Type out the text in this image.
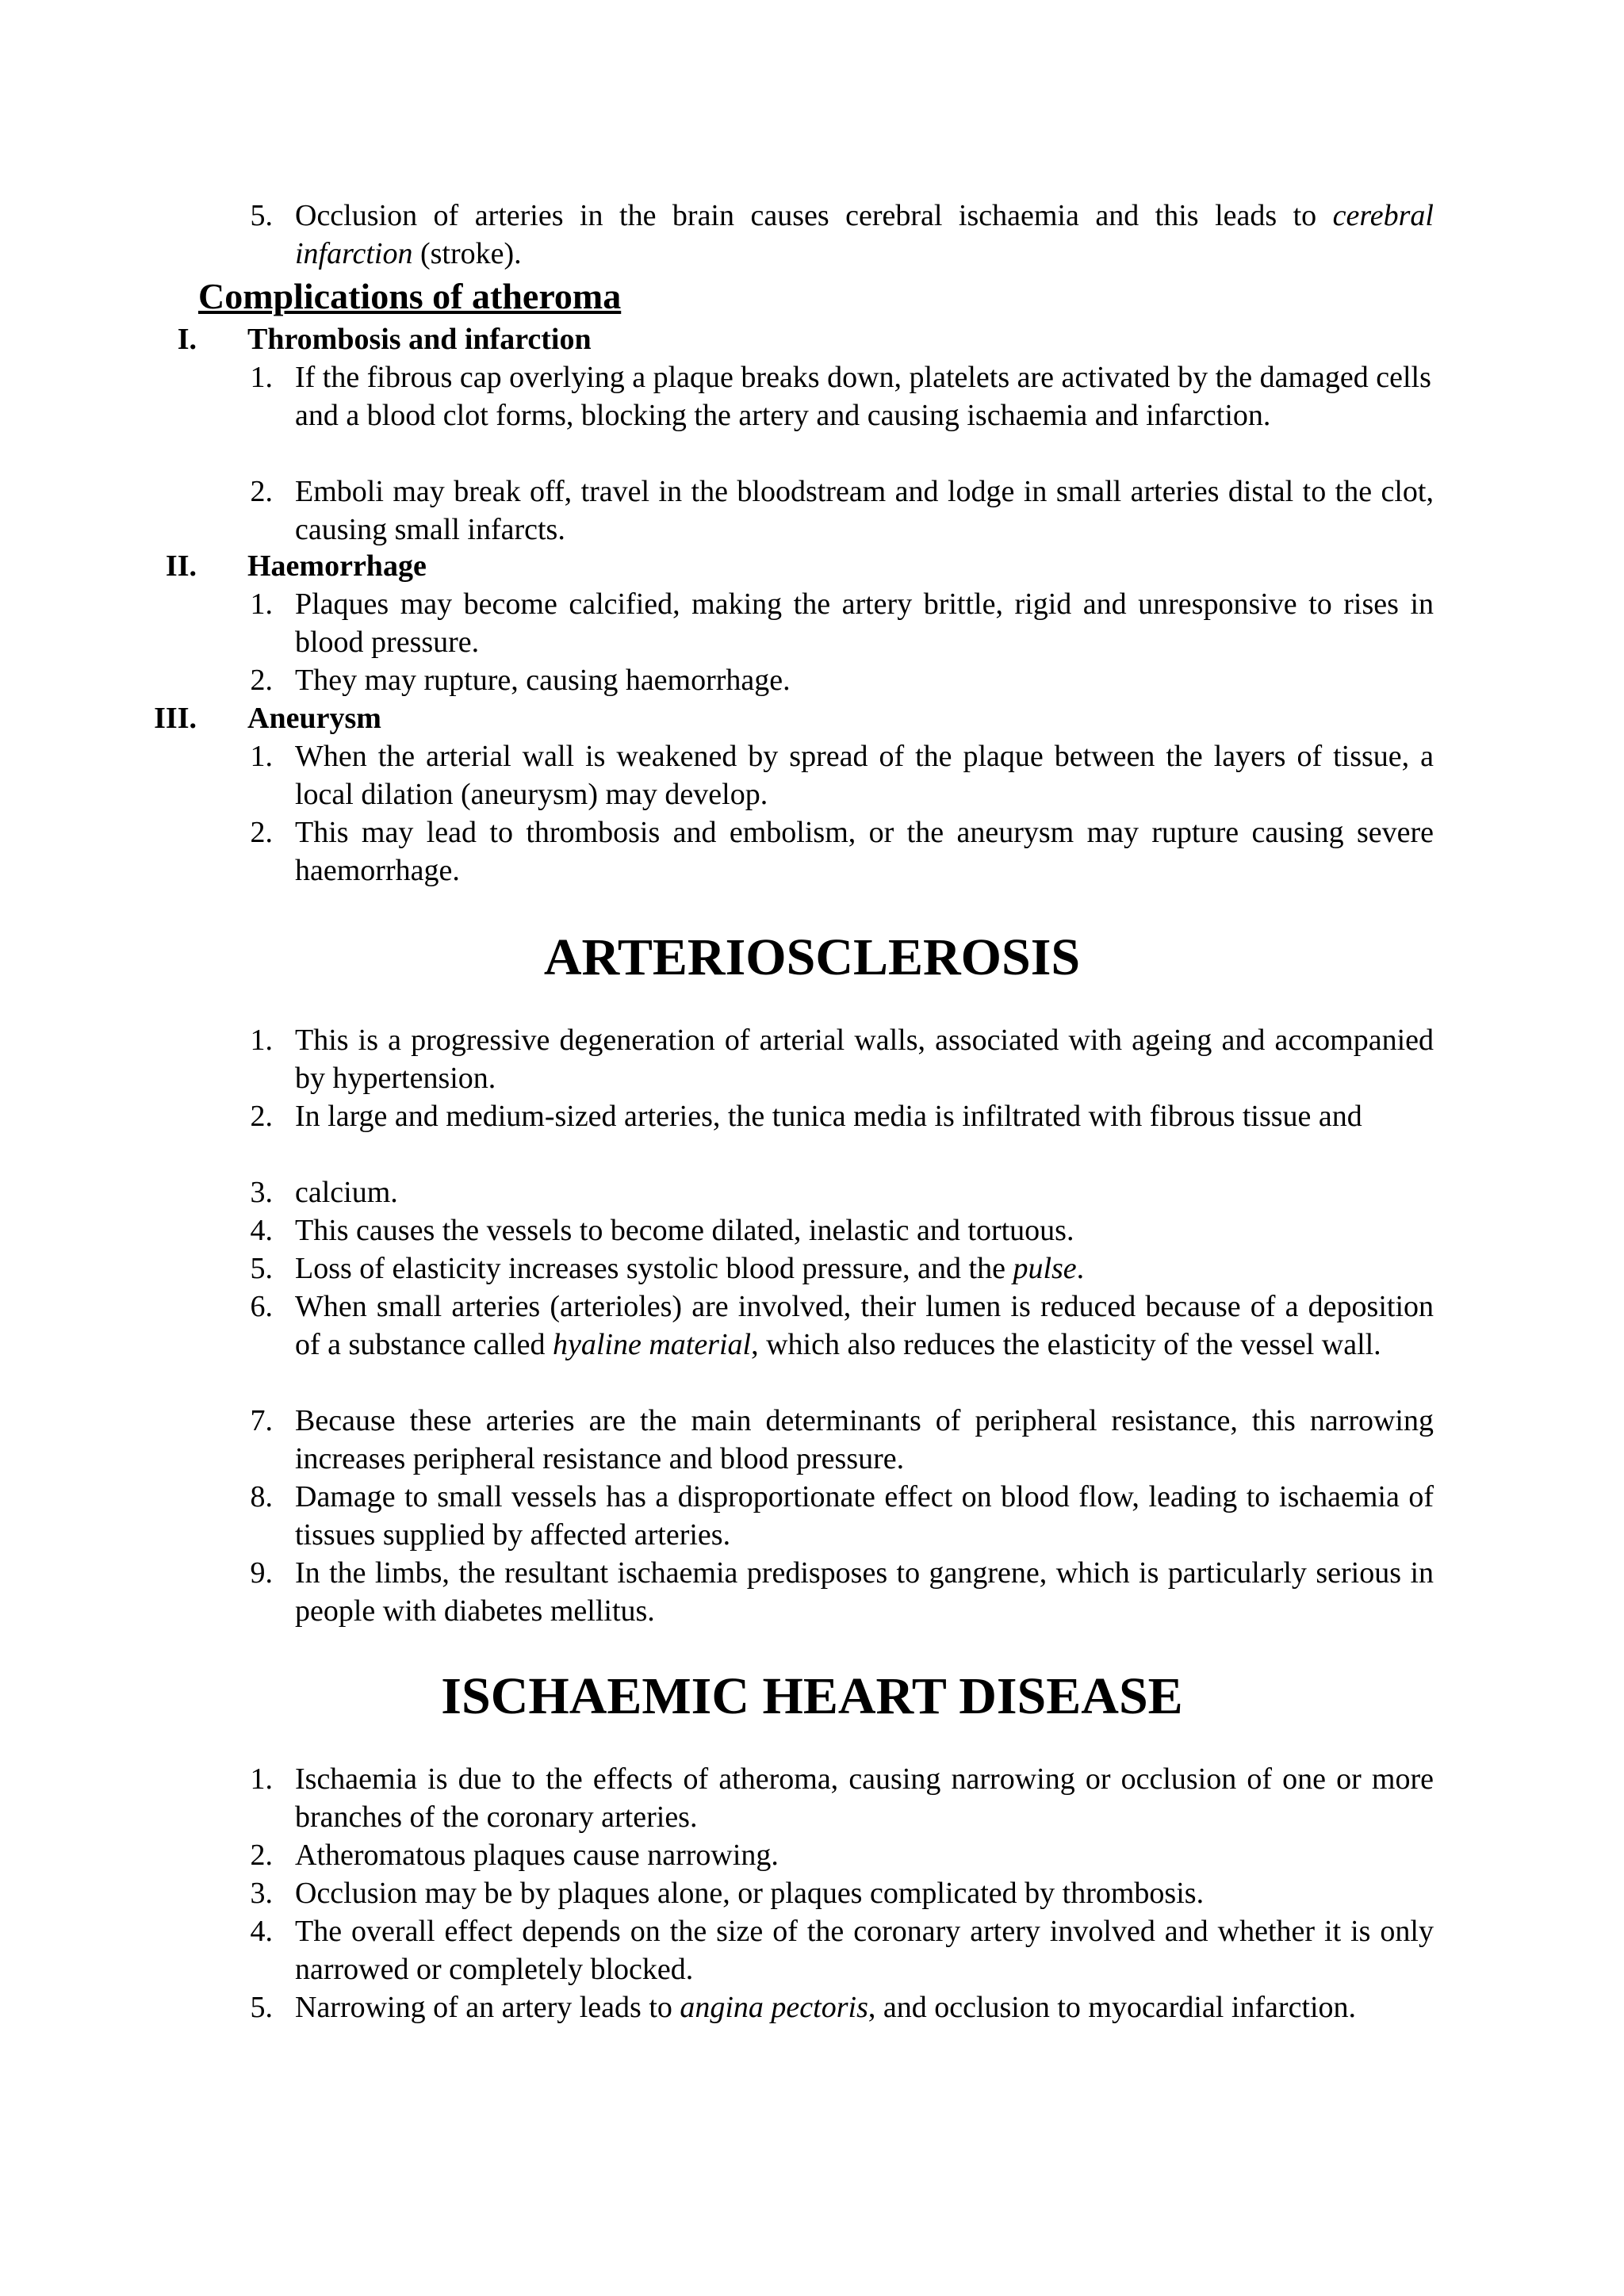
5. Occlusion of arteries in the brain causes cerebral ischaemia and this leads to cerebral infarction (stroke).
Complications of atheroma
I. Thrombosis and infarction
1. If the fibrous cap overlying a plaque breaks down, platelets are activated by the damaged cells and a blood clot forms, blocking the artery and causing ischaemia and infarction.
2. Emboli may break off, travel in the bloodstream and lodge in small arteries distal to the clot, causing small infarcts.
II. Haemorrhage
1. Plaques may become calcified, making the artery brittle, rigid and unresponsive to rises in blood pressure.
2. They may rupture, causing haemorrhage.
III. Aneurysm
1. When the arterial wall is weakened by spread of the plaque between the layers of tissue, a local dilation (aneurysm) may develop.
2. This may lead to thrombosis and embolism, or the aneurysm may rupture causing severe haemorrhage.
ARTERIOSCLEROSIS
1. This is a progressive degeneration of arterial walls, associated with ageing and accompanied by hypertension.
2. In large and medium-sized arteries, the tunica media is infiltrated with fibrous tissue and
3. calcium.
4. This causes the vessels to become dilated, inelastic and tortuous.
5. Loss of elasticity increases systolic blood pressure, and the pulse.
6. When small arteries (arterioles) are involved, their lumen is reduced because of a deposition of a substance called hyaline material, which also reduces the elasticity of the vessel wall.
7. Because these arteries are the main determinants of peripheral resistance, this narrowing increases peripheral resistance and blood pressure.
8. Damage to small vessels has a disproportionate effect on blood flow, leading to ischaemia of tissues supplied by affected arteries.
9. In the limbs, the resultant ischaemia predisposes to gangrene, which is particularly serious in people with diabetes mellitus.
ISCHAEMIC HEART DISEASE
1. Ischaemia is due to the effects of atheroma, causing narrowing or occlusion of one or more branches of the coronary arteries.
2. Atheromatous plaques cause narrowing.
3. Occlusion may be by plaques alone, or plaques complicated by thrombosis.
4. The overall effect depends on the size of the coronary artery involved and whether it is only narrowed or completely blocked.
5. Narrowing of an artery leads to angina pectoris, and occlusion to myocardial infarction.
